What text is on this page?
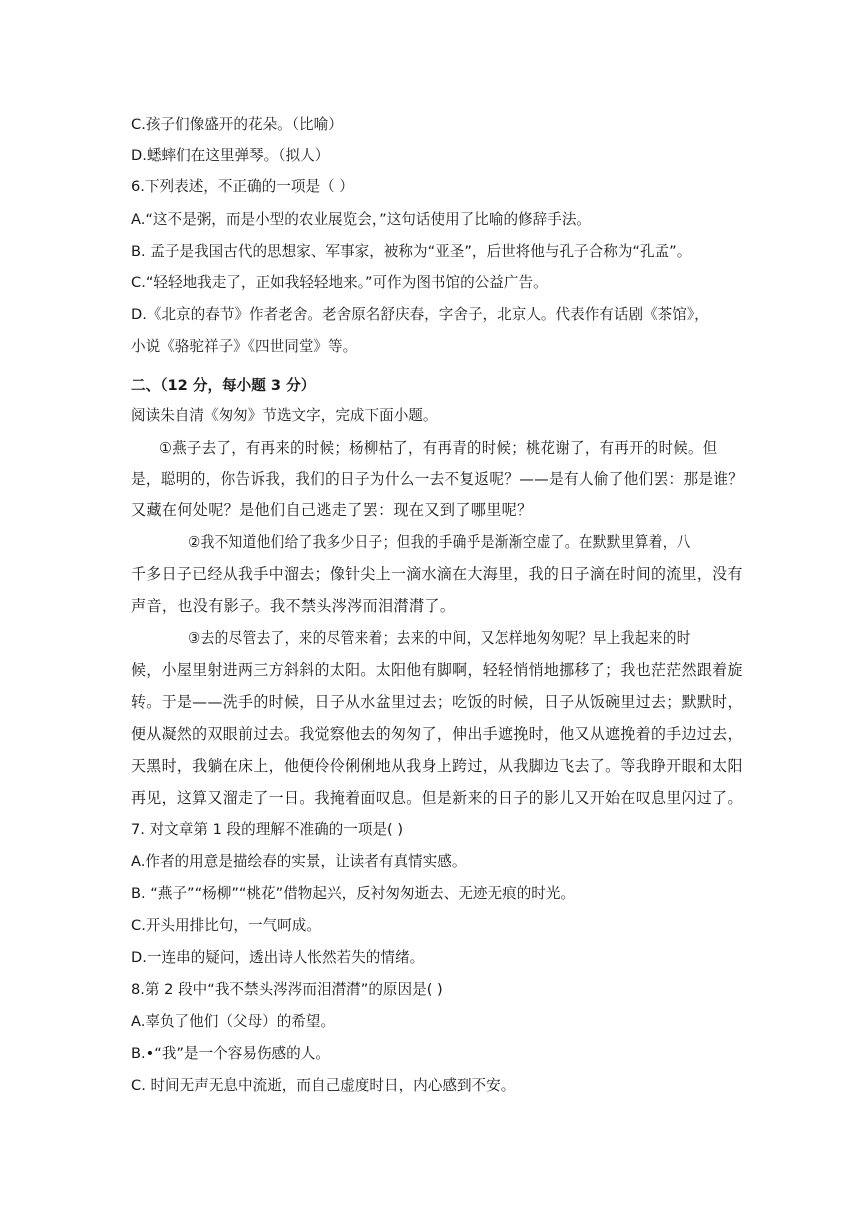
C.孩子们像盛开的花朵。（比喻）
D.蟋蟀们在这里弹琴。（拟人）
6.下列表述，不正确的一项是（ ）
A.“这不是粥，而是小型的农业展览会，”这句话使用了比喻的修辞手法。
B. 孟子是我国古代的思想家、军事家，被称为“亚圣”，后世将他与孔子合称为“孔孟”。
C.“轻轻地我走了，正如我轻轻地来。”可作为图书馆的公益广告。
D.《北京的春节》作者老舍。老舍原名舒庆春，字舍子，北京人。代表作有话剧《茶馆》，
小说《骆驼祥子》《四世同堂》等。
二、（12 分，每小题 3 分）
阅读朱自清《匆匆》节选文字，完成下面小题。
①燕子去了，有再来的时候；杨柳枯了，有再青的时候；桃花谢了，有再开的时候。但
是，聪明的，你告诉我，我们的日子为什么一去不复返呢？——是有人偷了他们罢：那是谁？
又藏在何处呢？是他们自己逃走了罢：现在又到了哪里呢？
②我不知道他们给了我多少日子；但我的手确乎是渐渐空虚了。在默默里算着，八
千多日子已经从我手中溜去；像针尖上一滴水滴在大海里，我的日子滴在时间的流里，没有
声音，也没有影子。我不禁头涔涔而泪潸潸了。
③去的尽管去了，来的尽管来着；去来的中间，又怎样地匆匆呢？早上我起来的时
候，小屋里射进两三方斜斜的太阳。太阳他有脚啊，轻轻悄悄地挪移了；我也茫茫然跟着旋
转。于是——洗手的时候，日子从水盆里过去；吃饭的时候，日子从饭碗里过去；默默时，
便从凝然的双眼前过去。我觉察他去的匆匆了，伸出手遮挽时，他又从遮挽着的手边过去，
天黑时，我躺在床上，他便伶伶俐俐地从我身上跨过，从我脚边飞去了。等我睁开眼和太阳
再见，这算又溜走了一日。我掩着面叹息。但是新来的日子的影儿又开始在叹息里闪过了。
7. 对文章第 1 段的理解不准确的一项是( )
A.作者的用意是描绘春的实景，让读者有真情实感。
B. “燕子”“杨柳”“桃花”借物起兴，反衬匆匆逝去、无迹无痕的时光。
C.开头用排比句，一气呵成。
D.一连串的疑问，透出诗人怅然若失的情绪。
8.第 2 段中“我不禁头涔涔而泪潸潸”的原因是( )
A.辜负了他们（父母）的希望。
B.•“我”是一个容易伤感的人。
C. 时间无声无息中流逝，而自己虚度时日，内心感到不安。
